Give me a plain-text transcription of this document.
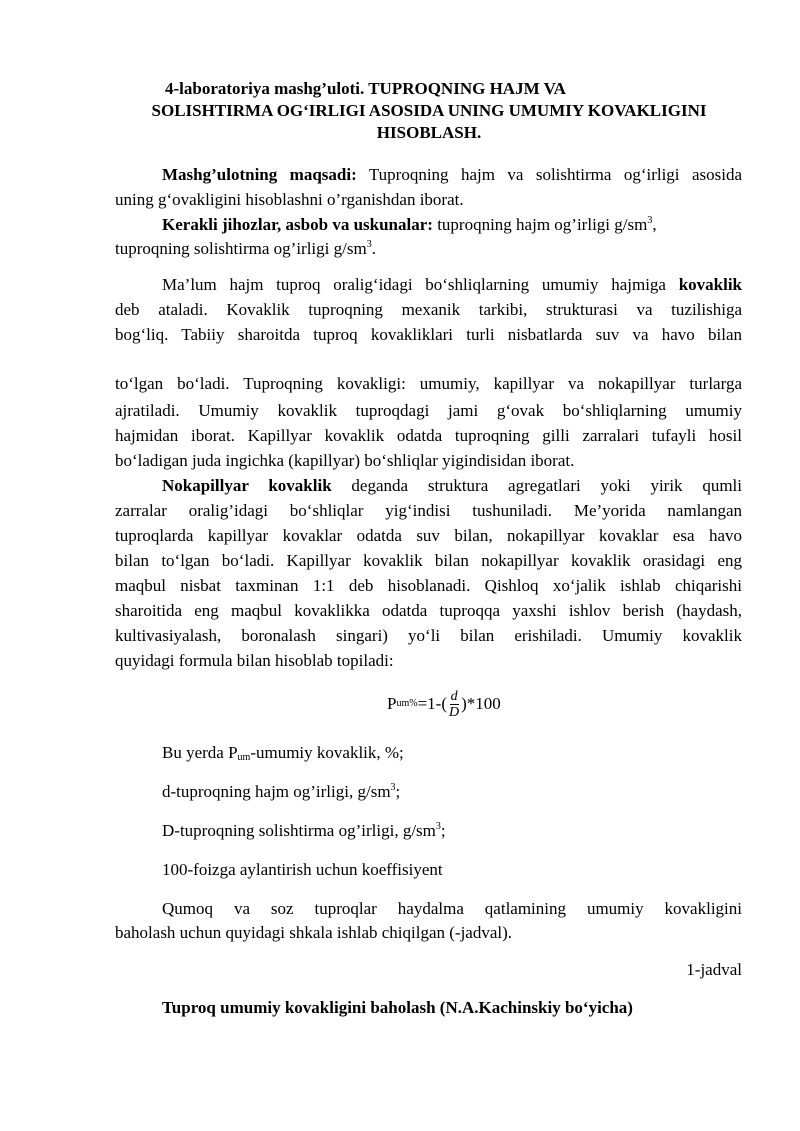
4-laboratoriya mashg’uloti. TUPROQNING HAJM VA
SOLISHTIRMA OG‘IRLIGI ASOSIDA UNING UMUMIY KOVAKLIGINI
HISOBLASH.
Mashg’ulotning maqsadi: Tuproqning hajm va solishtirma og‘irligi asosida
uning g‘ovakligini hisoblashni o’rganishdan iborat.
Kerakli jihozlar, asbob va uskunalar: tuproqning hajm og’irligi $g/sm^3$,
tuproqning solishtirma og’irligi $g/sm^3$.
Ma’lum hajm tuproq oralig‘idagi bo‘shliqlarning umumiy hajmiga kovaklik
deb ataladi. Kovaklik tuproqning mexanik tarkibi, strukturasi va tuzilishiga
bog‘liq. Tabiiy sharoitda tuproq kovakliklari turli nisbatlarda suv va havo bilan
to‘lgan bo‘ladi. Tuproqning kovakligi: umumiy, kapillyar va nokapillyar turlarga
ajratiladi. Umumiy kovaklik tuproqdagi jami g‘ovak bo‘shliqlarning umumiy
hajmidan iborat. Kapillyar kovaklik odatda tuproqning gilli zarralari tufayli hosil
bo‘ladigan juda ingichka (kapillyar) bo‘shliqlar yigindisidan iborat.
Nokapillyar kovaklik deganda struktura agregatlari yoki yirik qumli
zarralar oralig’idagi bo‘shliqlar yig‘indisi tushuniladi. Me’yorida namlangan
tuproqlarda kapillyar kovaklar odatda suv bilan, nokapillyar kovaklar esa havo
bilan to‘lgan bo‘ladi. Kapillyar kovaklik bilan nokapillyar kovaklik orasidagi eng
maqbul nisbat taxminan 1:1 deb hisoblanadi. Qishloq xo‘jalik ishlab chiqarishi
sharoitida eng maqbul kovaklikka odatda tuproqqa yaxshi ishlov berish (haydash,
kultivasiyalash, boronalash singari) yo‘li bilan erishiladi. Umumiy kovaklik
quyidagi formula bilan hisoblab topiladi:
P $um\% =1-( \frac{d}{D} )*100$
Bu yerda $P_{um}$-umumiy kovaklik, %;
d-tuproqning hajm og’irligi, $g/sm^3$;
D-tuproqning solishtirma og’irligi, $g/sm^3$;
100-foizga aylantirish uchun koeffisiyent
Qumoq va soz tuproqlar haydalma qatlamining umumiy kovakligini
baholash uchun quyidagi shkala ishlab chiqilgan (-jadval).
1-jadval
Tuproq umumiy kovakligini baholash (N.A.Kachinskiy bo‘yicha)
